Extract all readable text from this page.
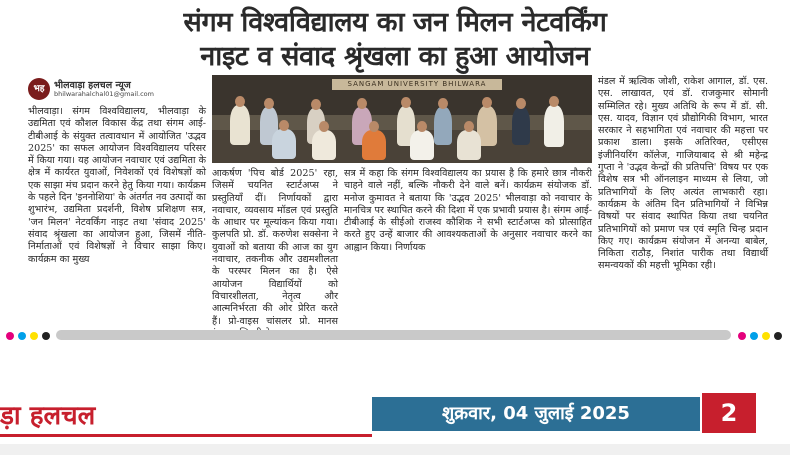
संगम विश्वविद्यालय का जन मिलन नेटवर्किंग
नाइट व संवाद श्रृंखला का हुआ आयोजन
भह भीलवाड़ा हलचल न्यूज
bhilwarahalchal01@gmail.com
SANGAM UNIVERSITY BHILWARA

भीलवाड़ा। संगम विश्वविद्यालय, भीलवाड़ा के उद्यमिता एवं कौशल विकास केंद्र तथा संगम आई-टीबीआई के संयुक्त तत्वावधान में आयोजित 'उद्भव 2025' का सफल आयोजन विश्वविद्यालय परिसर में किया गया। यह आयोजन नवाचार एवं उद्यमिता के क्षेत्र में कार्यरत युवाओं, निवेशकों एवं विशेषज्ञों को एक साझा मंच प्रदान करने हेतु किया गया। कार्यक्रम के पहले दिन 'इननोशिया' के अंतर्गत नव उत्पादों का शुभारंभ, उद्यमिता प्रदर्शनी, विशेष प्रशिक्षण सत्र, 'जन मिलन' नेटवर्किंग नाइट तथा 'संवाद 2025' संवाद श्रृंखला का आयोजन हुआ, जिसमें नीति-निर्माताओं एवं विशेषज्ञों ने विचार साझा किए। कार्यक्रम का मुख्य

आकर्षण 'पिच बोर्ड 2025' रहा, जिसमें चयनित स्टार्टअप्स ने प्रस्तुतियाँ दीं। निर्णायकों द्वारा नवाचार, व्यवसाय मॉडल एवं प्रस्तुति के आधार पर मूल्यांकन किया गया। कुलपति प्रो. डॉ. करुणेश सक्सेना ने युवाओं को बताया की आज का युग नवाचार, तकनीक और उद्यमशीलता के परस्पर मिलन का है। ऐसे आयोजन विद्यार्थियों को विचारशीलता, नेतृत्व और आत्मनिर्भरता की ओर प्रेरित करते हैं। प्रो-वाइस चांसलर प्रो. मानस

सत्र में कहा कि संगम विश्वविद्यालय का प्रयास है कि हमारे छात्र नौकरी चाहने वाले नहीं, बल्कि नौकरी देने वाले बनें। कार्यक्रम संयोजक डॉ. मनोज कुमावत ने बताया कि 'उद्भव 2025' भीलवाड़ा को नवाचार के मानचित्र पर स्थापित करने की दिशा में एक प्रभावी प्रयास है। संगम आई-टीबीआई के सीईओ राजस्व कौशिक ने सभी स्टार्टअप्स को प्रोत्साहित करते हुए उन्हें बाजार की आवश्यकताओं के अनुसार नवाचार करने का आह्वान किया। निर्णायक

मंडल में ऋत्विक जोशी, राकेश आगाल, डॉ. एस. एस. लाखावत, एवं डॉ. राजकुमार सोमानी सम्मिलित रहे। मुख्य अतिथि के रूप में डॉ. सी. एस. यादव, विज्ञान एवं प्रौद्योगिकी विभाग, भारत सरकार ने सहभागिता एवं नवाचार की महत्ता पर प्रकाश डाला। इसके अतिरिक्त, एसीएस इंजीनियरिंग कॉलेज, गाजियाबाद से श्री महेन्द्र गुप्ता ने 'उद्भव केन्द्रों की प्रतिपत्ति' विषय पर एक विशेष सत्र भी ऑनलाइन माध्यम से लिया, जो प्रतिभागियों के लिए अत्यंत लाभकारी रहा। कार्यक्रम के अंतिम दिन प्रतिभागियों ने विभिन्न विषयों पर संवाद स्थापित किया तथा चयनित प्रतिभागियों को प्रमाण पत्र एवं स्मृति चिन्ह प्रदान किए गए। कार्यक्रम संयोजन में अनन्या बाबेल, निकिता राठौड़, निशांत पारीक तथा विद्यार्थी समन्वयकों की महत्ती भूमिका रही।

ड़ा हलचल	शुक्रवार, 04 जुलाई 2025	2
